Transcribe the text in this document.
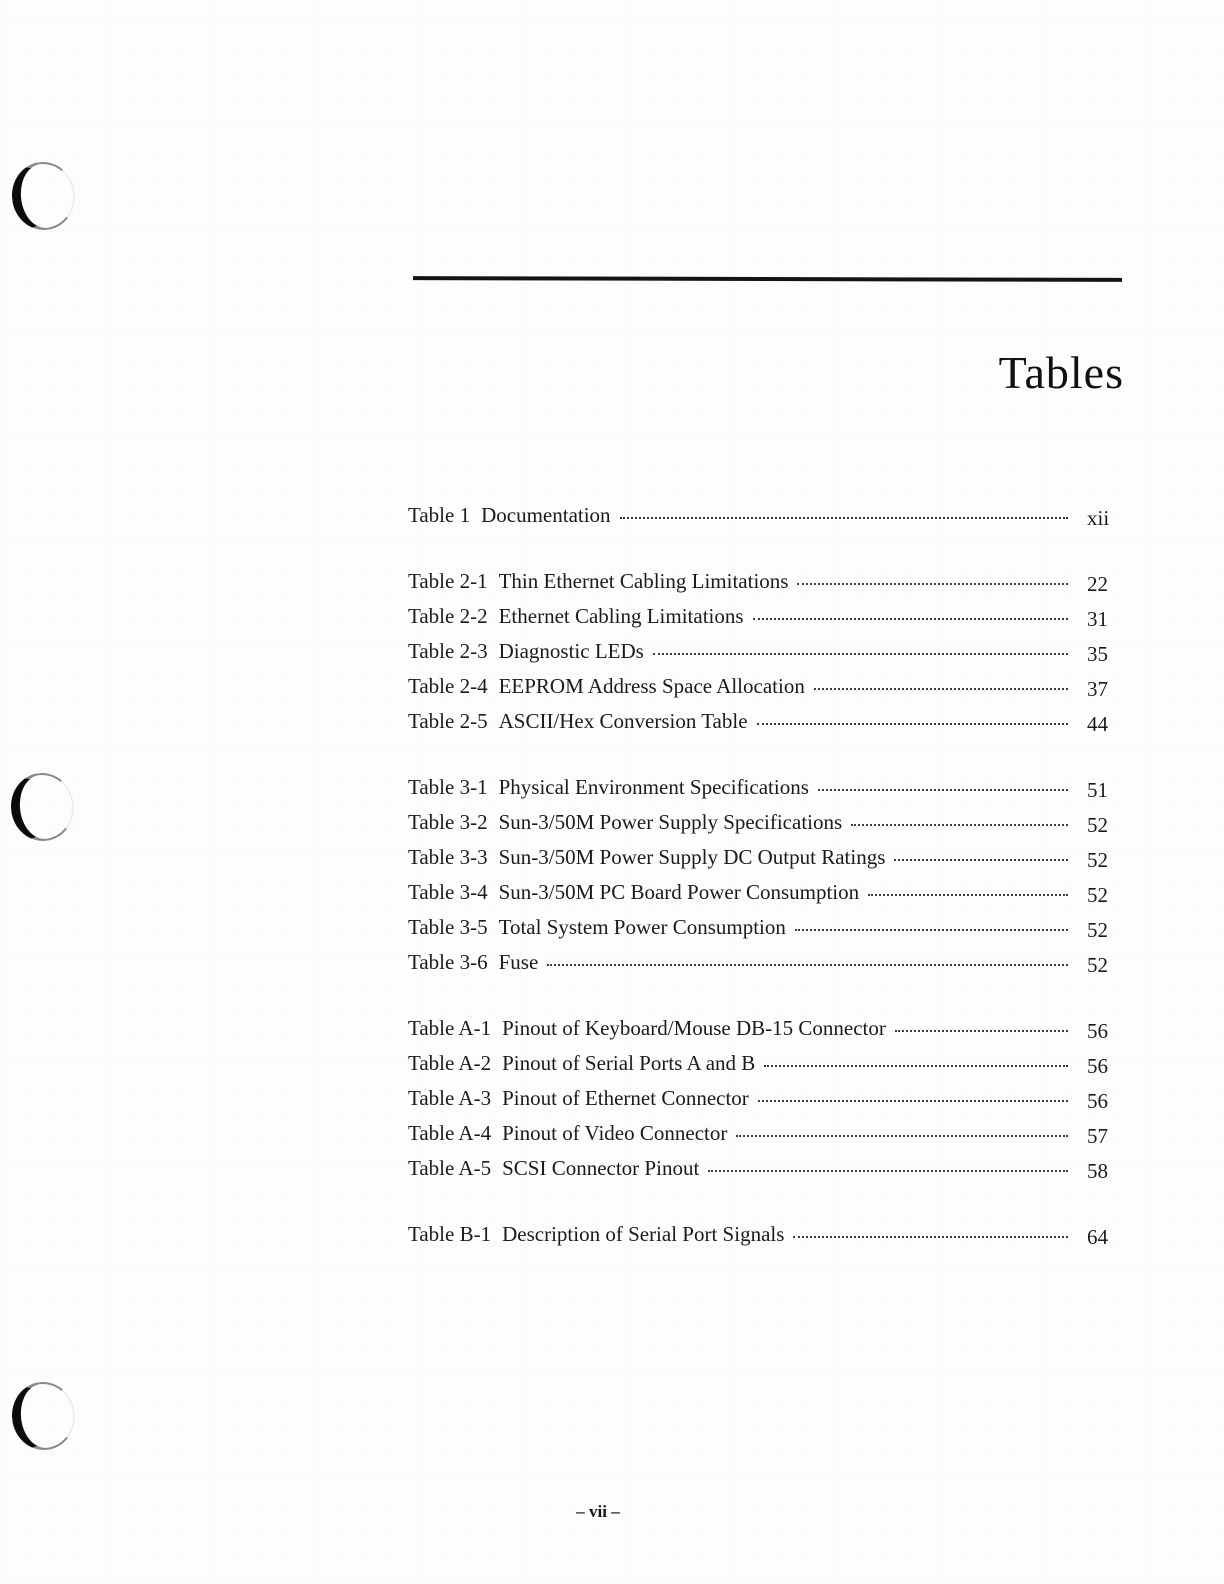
Tables
Table 1 Documentation	xii
Table 2-1 Thin Ethernet Cabling Limitations	22
Table 2-2 Ethernet Cabling Limitations	31
Table 2-3 Diagnostic LEDs	35
Table 2-4 EEPROM Address Space Allocation	37
Table 2-5 ASCII/Hex Conversion Table	44
Table 3-1 Physical Environment Specifications	51
Table 3-2 Sun-3/50M Power Supply Specifications	52
Table 3-3 Sun-3/50M Power Supply DC Output Ratings	52
Table 3-4 Sun-3/50M PC Board Power Consumption	52
Table 3-5 Total System Power Consumption	52
Table 3-6 Fuse	52
Table A-1 Pinout of Keyboard/Mouse DB-15 Connector	56
Table A-2 Pinout of Serial Ports A and B	56
Table A-3 Pinout of Ethernet Connector	56
Table A-4 Pinout of Video Connector	57
Table A-5 SCSI Connector Pinout	58
Table B-1 Description of Serial Port Signals	64
– vii –
